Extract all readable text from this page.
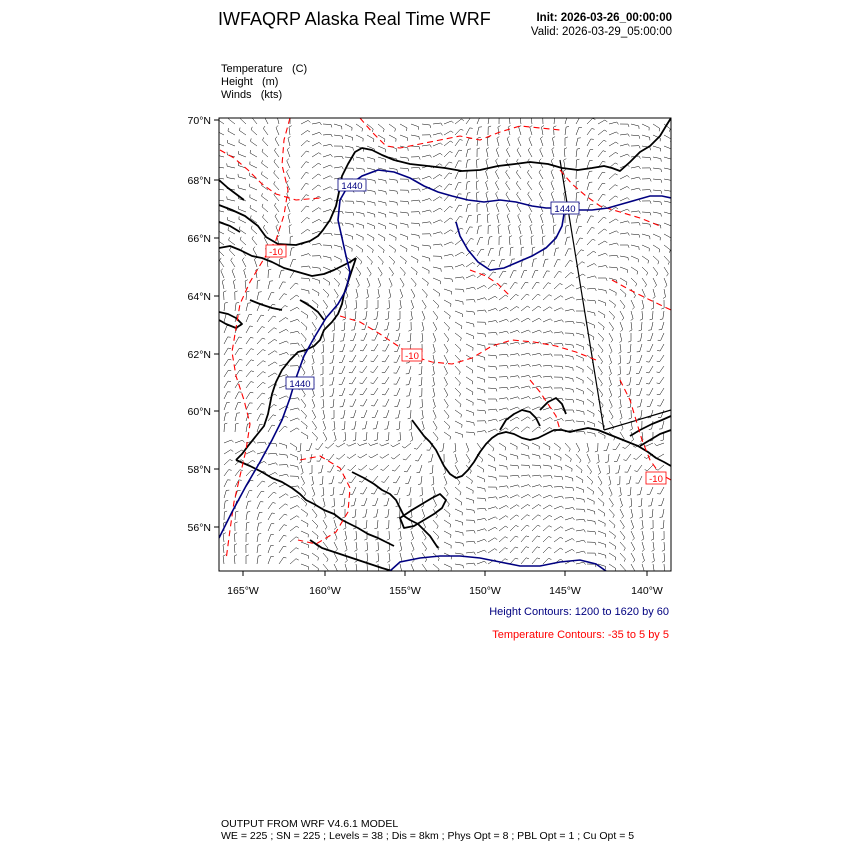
IWFAQRP Alaska Real Time WRF	Init: 2026-03-26_00:00:00
Valid: 2026-03-29_05:00:00
Temperature (C)
Height (m)
Winds (kts)
1440
1440
1440
-10
-10
-10
70°N
68°N
66°N
64°N
62°N
60°N
58°N
56°N
165°W	160°W	155°W	150°W	145°W	140°W
Height Contours: 1200 to 1620 by 60
Temperature Contours: -35 to 5 by 5
OUTPUT FROM WRF V4.6.1 MODEL
WE = 225 ; SN = 225 ; Levels = 38 ; Dis = 8km ; Phys Opt = 8 ; PBL Opt = 1 ; Cu Opt = 5
